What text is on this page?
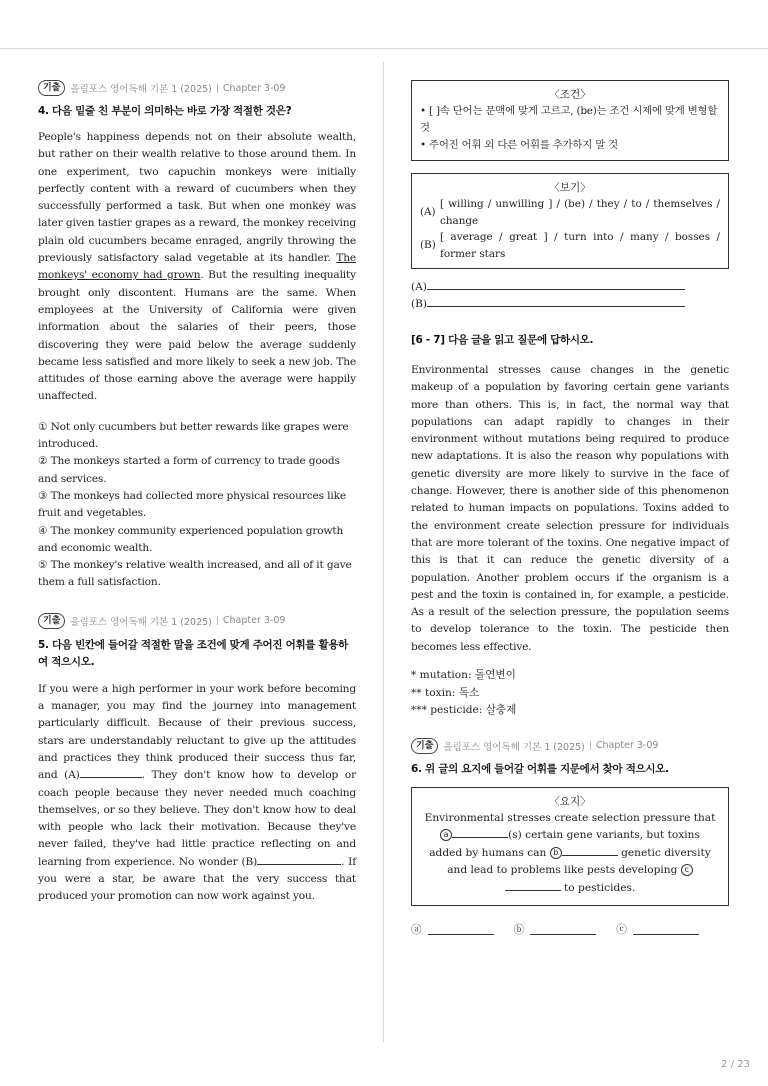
기출	올림포스 영어독해 기본 1 (2025) Chapter 3-09
4. 다음 밑줄 친 부분이 의미하는 바로 가장 적절한 것은?
People's happiness depends not on their absolute wealth, but rather on their wealth relative to those around them. In one experiment, two capuchin monkeys were initially perfectly content with a reward of cucumbers when they successfully performed a task. But when one monkey was later given tastier grapes as a reward, the monkey receiving plain old cucumbers became enraged, angrily throwing the previously satisfactory salad vegetable at its handler. The monkeys' economy had grown. But the resulting inequality brought only discontent. Humans are the same. When employees at the University of California were given information about the salaries of their peers, those discovering they were paid below the average suddenly became less satisfied and more likely to seek a new job. The attitudes of those earning above the average were happily unaffected.
① Not only cucumbers but better rewards like grapes were introduced.
② The monkeys started a form of currency to trade goods and services.
③ The monkeys had collected more physical resources like fruit and vegetables.
④ The monkey community experienced population growth and economic wealth.
⑤ The monkey's relative wealth increased, and all of it gave them a full satisfaction.
기출	올림포스 영어독해 기본 1 (2025) Chapter 3-09
5. 다음 빈칸에 들어갈 적절한 말을 조건에 맞게 주어진 어휘를 활용하여 적으시오.
If you were a high performer in your work before becoming a manager, you may find the journey into management particularly difficult. Because of their previous success, stars are understandably reluctant to give up the attitudes and practices they think produced their success thus far, and (A)	. They don't know how to develop or coach people because they never needed much coaching themselves, or so they believe. They don't know how to deal with people who lack their motivation. Because they've never failed, they've had little practice reflecting on and learning from experience. No wonder (B)	. If you were a star, be aware that the very success that produced your promotion can now work against you.
〈조건〉
• [ ]속 단어는 문맥에 맞게 고르고, (be)는 조건 시제에 맞게 변형할 것
• 주어진 어휘 외 다른 어휘를 추가하지 말 것
〈보기〉
(A)
[ willing / unwilling ] / (be) / they / to / themselves / change
(B)
[ average / great ] / turn into / many / bosses / former stars
(A)
(B)
[6 - 7] 다음 글을 읽고 질문에 답하시오.
Environmental stresses cause changes in the genetic makeup of a population by favoring certain gene variants more than others. This is, in fact, the normal way that populations can adapt rapidly to changes in their environment without mutations being required to produce new adaptations. It is also the reason why populations with genetic diversity are more likely to survive in the face of change. However, there is another side of this phenomenon related to human impacts on populations. Toxins added to the environment create selection pressure for individuals that are more tolerant of the toxins. One negative impact of this is that it can reduce the genetic diversity of a population. Another problem occurs if the organism is a pest and the toxin is contained in, for example, a pesticide. As a result of the selection pressure, the population seems to develop tolerance to the toxin. The pesticide then becomes less effective.
* mutation: 돌연변이
** toxin: 독소
*** pesticide: 살충제
기출	올림포스 영어독해 기본 1 (2025) Chapter 3-09
6. 위 글의 요지에 들어갈 어휘를 지문에서 찾아 적으시오.
〈요지〉
Environmental stresses create selection pressure that
a	(s) certain gene variants, but toxins added by humans can b	genetic diversity and lead to problems like pests developing c to pesticides.
ⓐ	ⓑ	ⓒ
2 / 23
